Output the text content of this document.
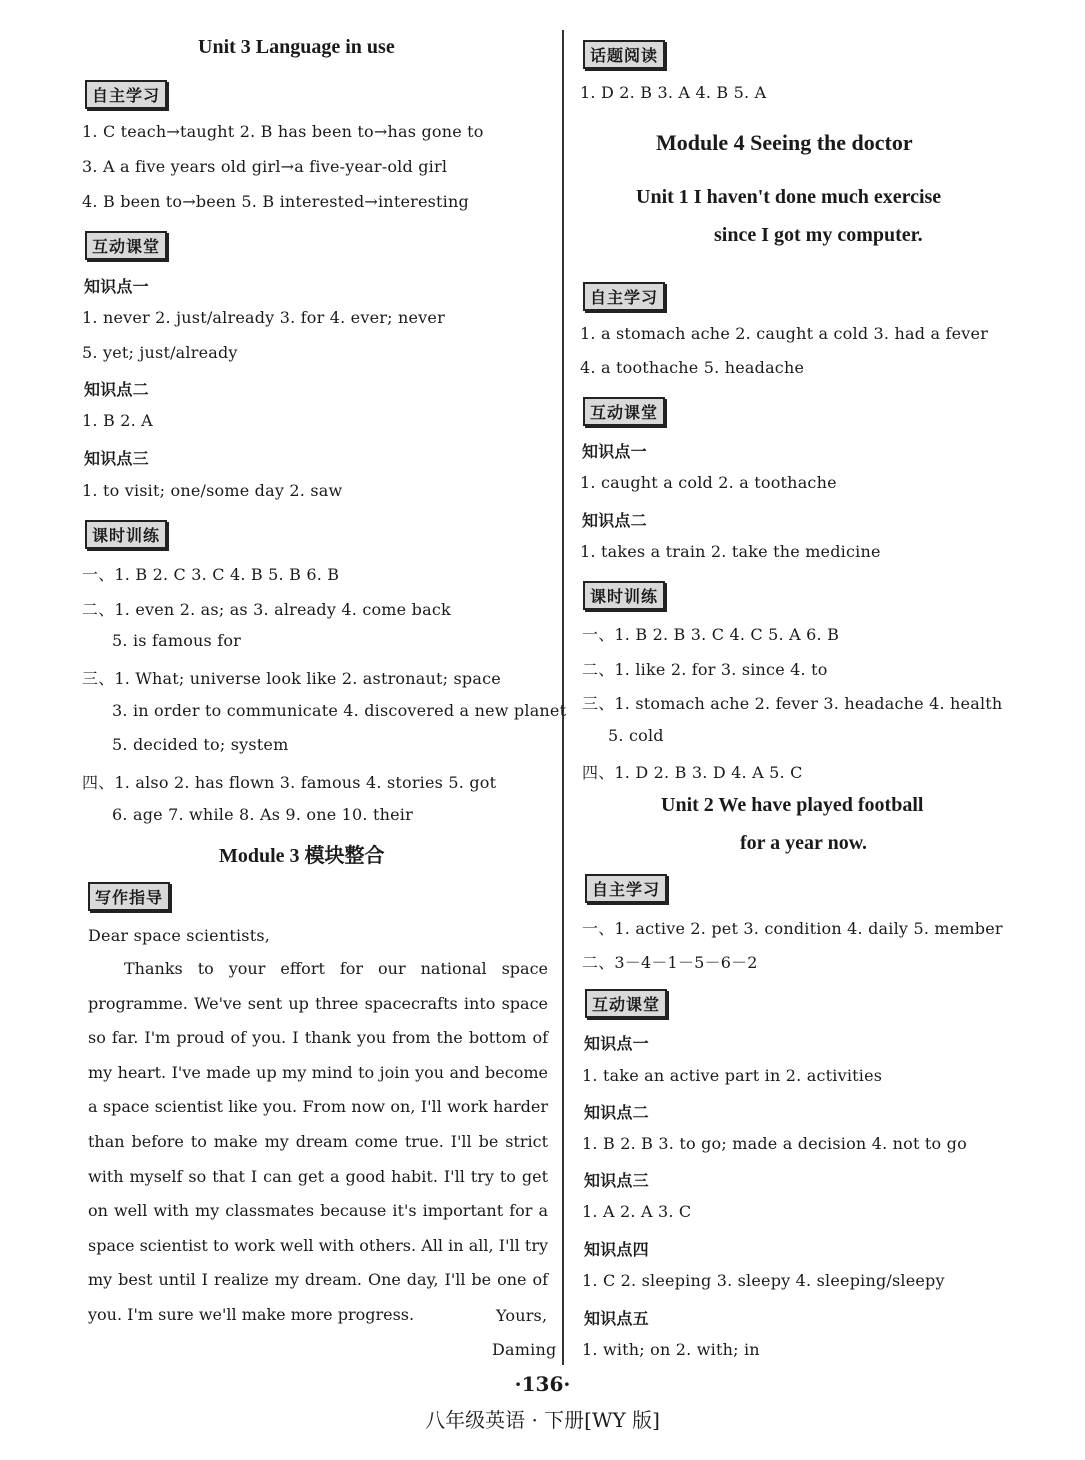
Unit 3 Language in use
自主学习
1. C teach→taught 2. B has been to→has gone to
3. A a five years old girl→a five-year-old girl
4. B been to→been 5. B interested→interesting
互动课堂
知识点一
1. never 2. just/already 3. for 4. ever; never
5. yet; just/already
知识点二
1. B 2. A
知识点三
1. to visit; one/some day 2. saw
课时训练
一、1. B 2. C 3. C 4. B 5. B 6. B
二、1. even 2. as; as 3. already 4. come back
5. is famous for
三、1. What; universe look like 2. astronaut; space
3. in order to communicate 4. discovered a new planet
5. decided to; system
四、1. also 2. has flown 3. famous 4. stories 5. got
6. age 7. while 8. As 9. one 10. their
Module 3 模块整合
写作指导
Dear space scientists,
Thanks to your effort for our national space programme. We've sent up three spacecrafts into space so far. I'm proud of you. I thank you from the bottom of my heart. I've made up my mind to join you and become a space scientist like you. From now on, I'll work harder than before to make my dream come true. I'll be strict with myself so that I can get a good habit. I'll try to get on well with my classmates because it's important for a space scientist to work well with others. All in all, I'll try my best until I realize my dream. One day, I'll be one of you. I'm sure we'll make more progress.	Yours,
Daming
话题阅读
1. D 2. B 3. A 4. B 5. A
Module 4 Seeing the doctor
Unit 1 I haven't done much exercise
since I got my computer.
自主学习
1. a stomach ache 2. caught a cold 3. had a fever
4. a toothache 5. headache
互动课堂
知识点一
1. caught a cold 2. a toothache
知识点二
1. takes a train 2. take the medicine
课时训练
一、1. B 2. B 3. C 4. C 5. A 6. B
二、1. like 2. for 3. since 4. to
三、1. stomach ache 2. fever 3. headache 4. health
5. cold
四、1. D 2. B 3. D 4. A 5. C
Unit 2 We have played football
for a year now.
自主学习
一、1. active 2. pet 3. condition 4. daily 5. member
二、3－4－1－5－6－2
互动课堂
知识点一
1. take an active part in 2. activities
知识点二
1. B 2. B 3. to go; made a decision 4. not to go
知识点三
1. A 2. A 3. C
知识点四
1. C 2. sleeping 3. sleepy 4. sleeping/sleepy
知识点五
1. with; on 2. with; in
·136·
八年级英语 · 下册[WY 版]
